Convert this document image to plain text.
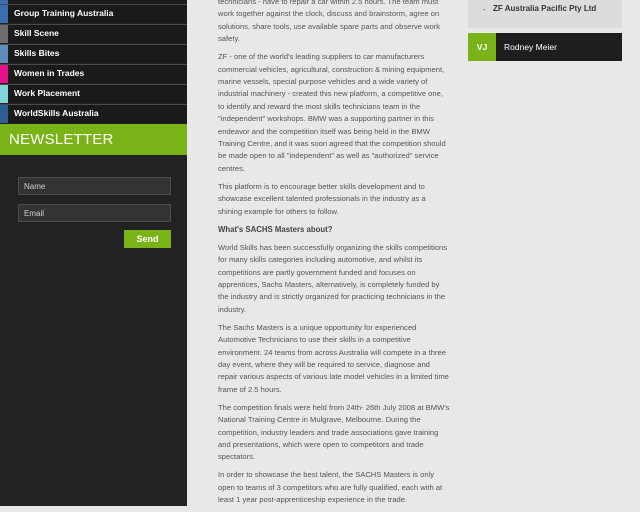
Group Training Australia
Skill Scene
Skills Bites
Women in Trades
Work Placement
WorldSkills Australia
NEWSLETTER
Name
Email
Send

technicians - have to repair a car within 2.5 hours. The team must work together against the clock, discuss and brainstorm, agree on solutions, share tools, use available spare parts and observe work safety.

ZF - one of the world's leading suppliers to car manufacturers commercial vehicles, agricultural, construction & mining equipment, marine vessels, special purpose vehicles and a wide variety of industrial machinery - created this new platform, a competitive one, to identify and reward the most skills technicians team in the "independent" workshops. BMW was a supporting partner in this endeavor and the competition itself was being held in the BMW Training Centre, and it was soon agreed that the competition should be made open to all "independent" as well as "authorized" service centres.

This platform is to encourage better skills development and to showcase excellent talented professionals in the industry as a shining example for others to follow.

What's SACHS Masters about?

World Skills has been successfully organizing the skills competitions for many skills categories including automotive, and whilst its competitions are partly government funded and focuses on apprentices, Sachs Masters, alternatively, is completely funded by the industry and is strictly organized for practicing technicians in the industry.

The Sachs Masters is a unique opportunity for experienced Automotive Technicians to use their skills in a competitive environment. 24 teams from across Australia will compete in a three day event, where they will be required to service, diagnose and repair various aspects of various late model vehicles in a limited time frame of 2.5 hours.

The competition finals were held from 24th- 26th July 2008 at BMW's National Training Centre in Mulgrave, Melbourne. During the competition, industry leaders and trade associations gave training and presentations, which were open to competitors and trade spectators.

In order to showcase the best talent, the SACHS Masters is only open to teams of 3 competitors who are fully qualified, each with at least 1 year post-apprenticeship experience in the trade.

- ZF Australia Pacific Pty Ltd
VJ	Rodney Meier
